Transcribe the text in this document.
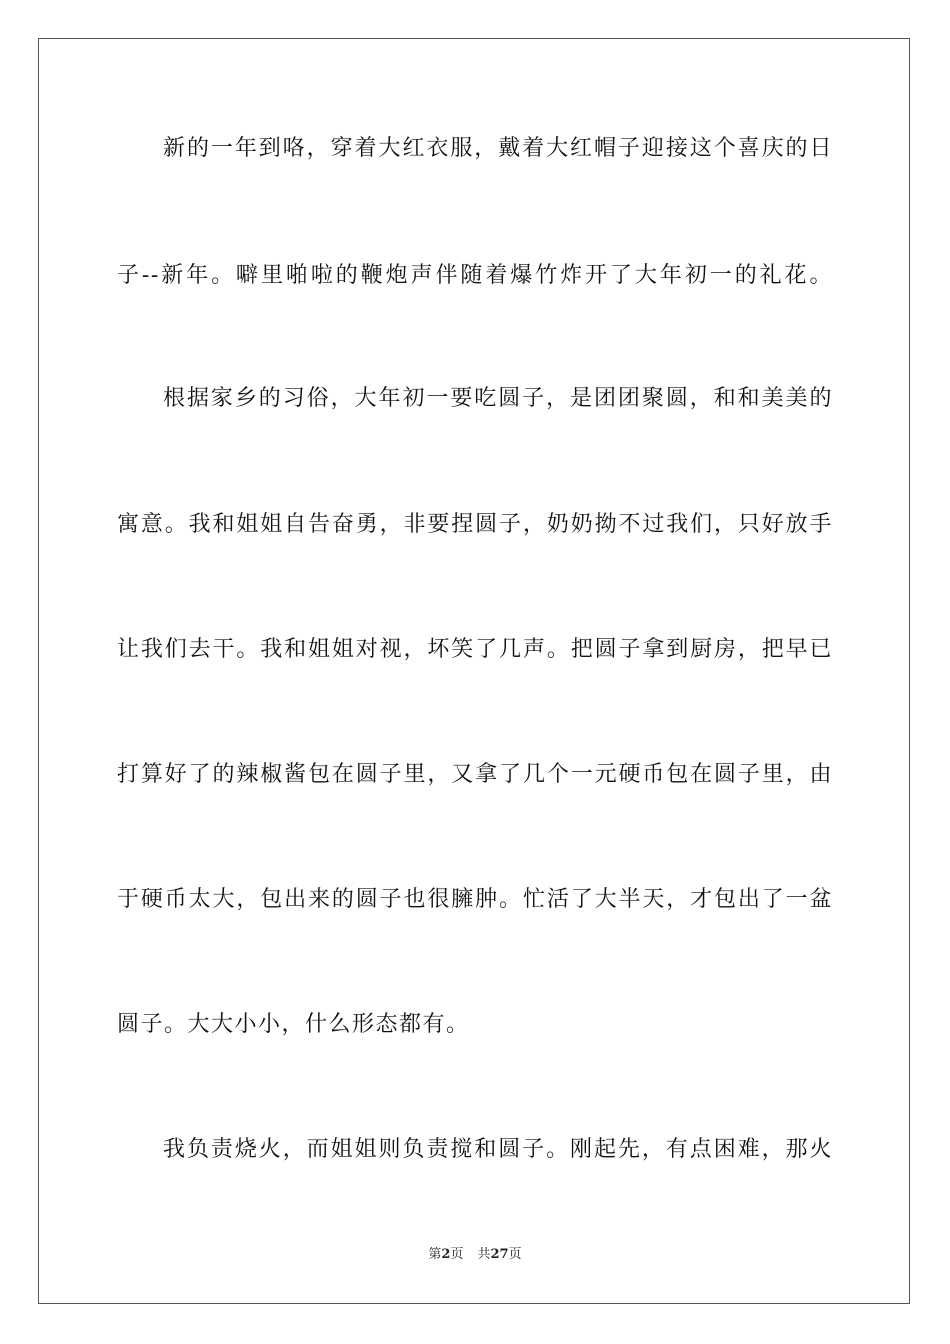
新的一年到咯，穿着大红衣服，戴着大红帽子迎接这个喜庆的日
子--新年。噼里啪啦的鞭炮声伴随着爆竹炸开了大年初一的礼花。
根据家乡的习俗，大年初一要吃圆子，是团团聚圆，和和美美的
寓意。我和姐姐自告奋勇，非要捏圆子，奶奶拗不过我们，只好放手
让我们去干。我和姐姐对视，坏笑了几声。把圆子拿到厨房，把早已
打算好了的辣椒酱包在圆子里，又拿了几个一元硬币包在圆子里，由
于硬币太大，包出来的圆子也很臃肿。忙活了大半天，才包出了一盆
圆子。大大小小，什么形态都有。
我负责烧火，而姐姐则负责搅和圆子。刚起先，有点困难，那火
第2页 共27页
